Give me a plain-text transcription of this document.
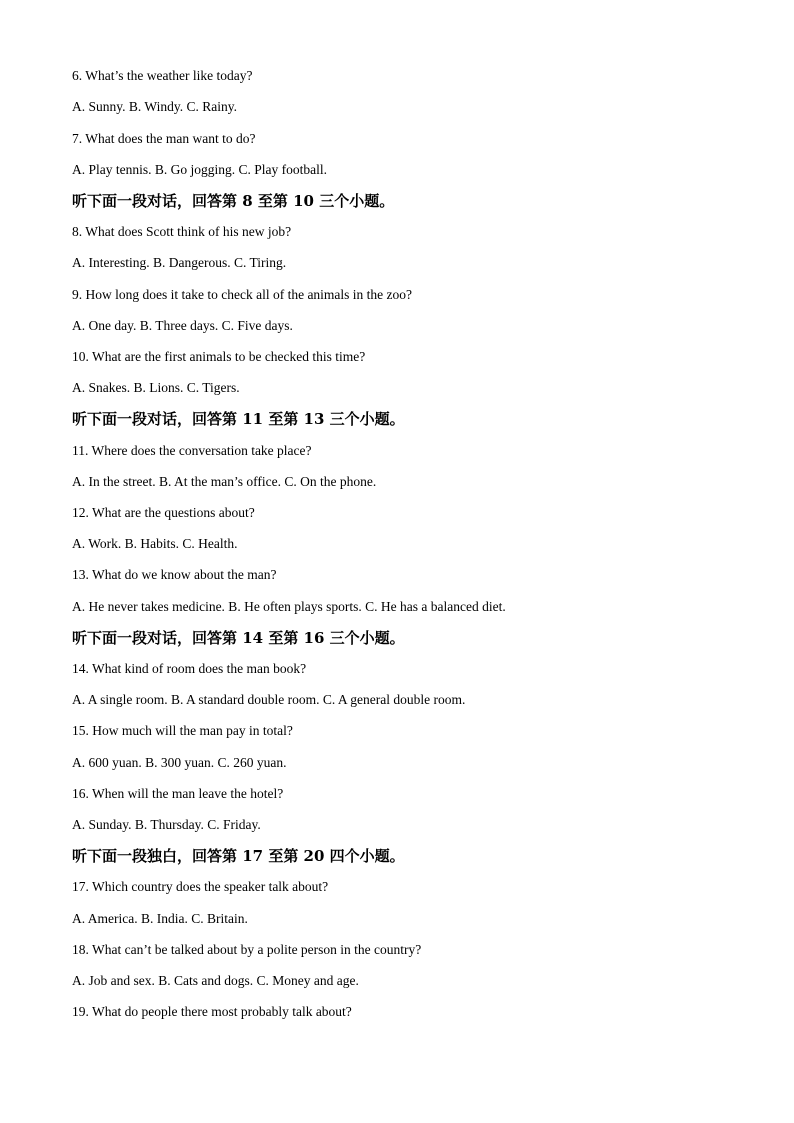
6. What’s the weather like today?
A. Sunny. B. Windy. C. Rainy.
7. What does the man want to do?
A. Play tennis. B. Go jogging. C. Play football.
听下面一段对话，回答第 8 至第 10 三个小题。
8. What does Scott think of his new job?
A. Interesting. B. Dangerous. C. Tiring.
9. How long does it take to check all of the animals in the zoo?
A. One day. B. Three days. C. Five days.
10. What are the first animals to be checked this time?
A. Snakes. B. Lions. C. Tigers.
听下面一段对话，回答第 11 至第 13 三个小题。
11. Where does the conversation take place?
A. In the street. B. At the man’s office. C. On the phone.
12. What are the questions about?
A. Work. B. Habits. C. Health.
13. What do we know about the man?
A. He never takes medicine. B. He often plays sports. C. He has a balanced diet.
听下面一段对话，回答第 14 至第 16 三个小题。
14. What kind of room does the man book?
A. A single room. B. A standard double room. C. A general double room.
15. How much will the man pay in total?
A. 600 yuan. B. 300 yuan. C. 260 yuan.
16. When will the man leave the hotel?
A. Sunday. B. Thursday. C. Friday.
听下面一段独白，回答第 17 至第 20 四个小题。
17. Which country does the speaker talk about?
A. America. B. India. C. Britain.
18. What can’t be talked about by a polite person in the country?
A. Job and sex. B. Cats and dogs. C. Money and age.
19. What do people there most probably talk about?
